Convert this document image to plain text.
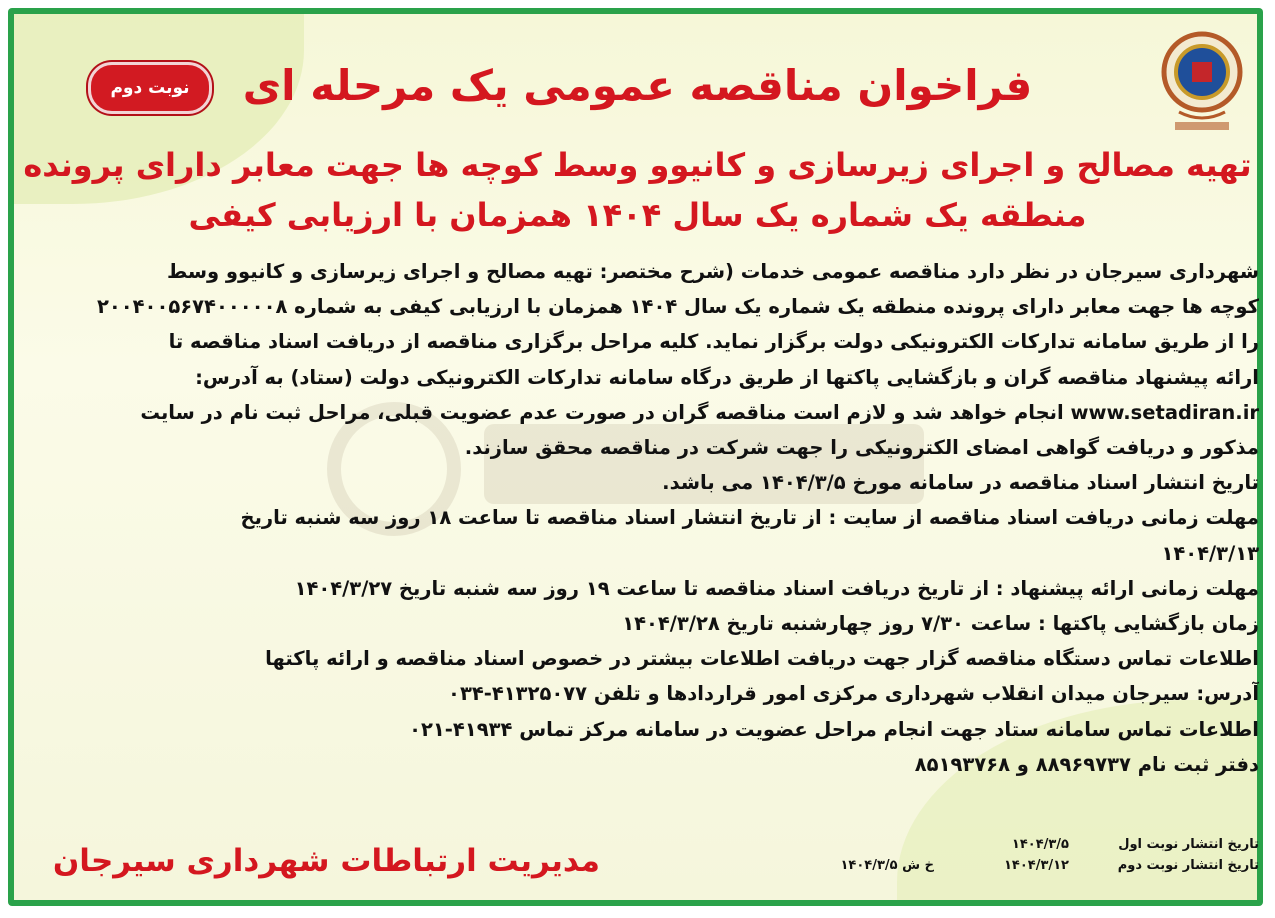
نوبت دوم	فراخوان مناقصه عمومی یک مرحله ای
تهیه مصالح و اجرای زیرسازی و کانیوو وسط کوچه ها جهت معابر دارای پرونده
منطقه یک شماره یک سال ۱۴۰۴ همزمان با ارزیابی کیفی
شهرداری سیرجان در نظر دارد مناقصه عمومی خدمات (شرح مختصر: تهیه مصالح و اجرای زیرسازی و کانیوو وسط
کوچه ها جهت معابر دارای پرونده منطقه یک شماره یک سال ۱۴۰۴ همزمان با ارزیابی کیفی به شماره ۲۰۰۴۰۰۵۶۷۴۰۰۰۰۰۸
را از طریق سامانه تدارکات الکترونیکی دولت برگزار نماید. کلیه مراحل برگزاری مناقصه از دریافت اسناد مناقصه تا
ارائه پیشنهاد مناقصه گران و بازگشایی پاکتها از طریق درگاه سامانه تدارکات الکترونیکی دولت (ستاد) به آدرس:
www.setadiran.ir انجام خواهد شد و لازم است مناقصه گران در صورت عدم عضویت قبلی، مراحل ثبت نام در سایت
مذکور و دریافت گواهی امضای الکترونیکی را جهت شرکت در مناقصه محقق سازند.
تاریخ انتشار اسناد مناقصه در سامانه مورخ ۱۴۰۴/۳/۵ می باشد.
مهلت زمانی دریافت اسناد مناقصه از سایت : از تاریخ انتشار اسناد مناقصه تا ساعت ۱۸ روز سه شنبه تاریخ
۱۴۰۴/۳/۱۳
مهلت زمانی ارائه پیشنهاد : از تاریخ دریافت اسناد مناقصه تا ساعت ۱۹ روز سه شنبه تاریخ ۱۴۰۴/۳/۲۷
زمان بازگشایی پاکتها : ساعت ۷/۳۰ روز چهارشنبه تاریخ ۱۴۰۴/۳/۲۸
اطلاعات تماس دستگاه مناقصه گزار جهت دریافت اطلاعات بیشتر در خصوص اسناد مناقصه و ارائه پاکتها
آدرس: سیرجان میدان انقلاب شهرداری مرکزی امور قراردادها و تلفن ۴۱۳۲۵۰۷۷-۰۳۴
اطلاعات تماس سامانه ستاد جهت انجام مراحل عضویت در سامانه مرکز تماس ۴۱۹۳۴-۰۲۱
دفتر ثبت نام ۸۸۹۶۹۷۳۷ و ۸۵۱۹۳۷۶۸
تاریخ انتشار نوبت اول
۱۴۰۴/۳/۵
تاریخ انتشار نوبت دوم
۱۴۰۴/۳/۱۲
خ ش ۱۴۰۴/۳/۵
مدیریت ارتباطات شهرداری سیرجان
